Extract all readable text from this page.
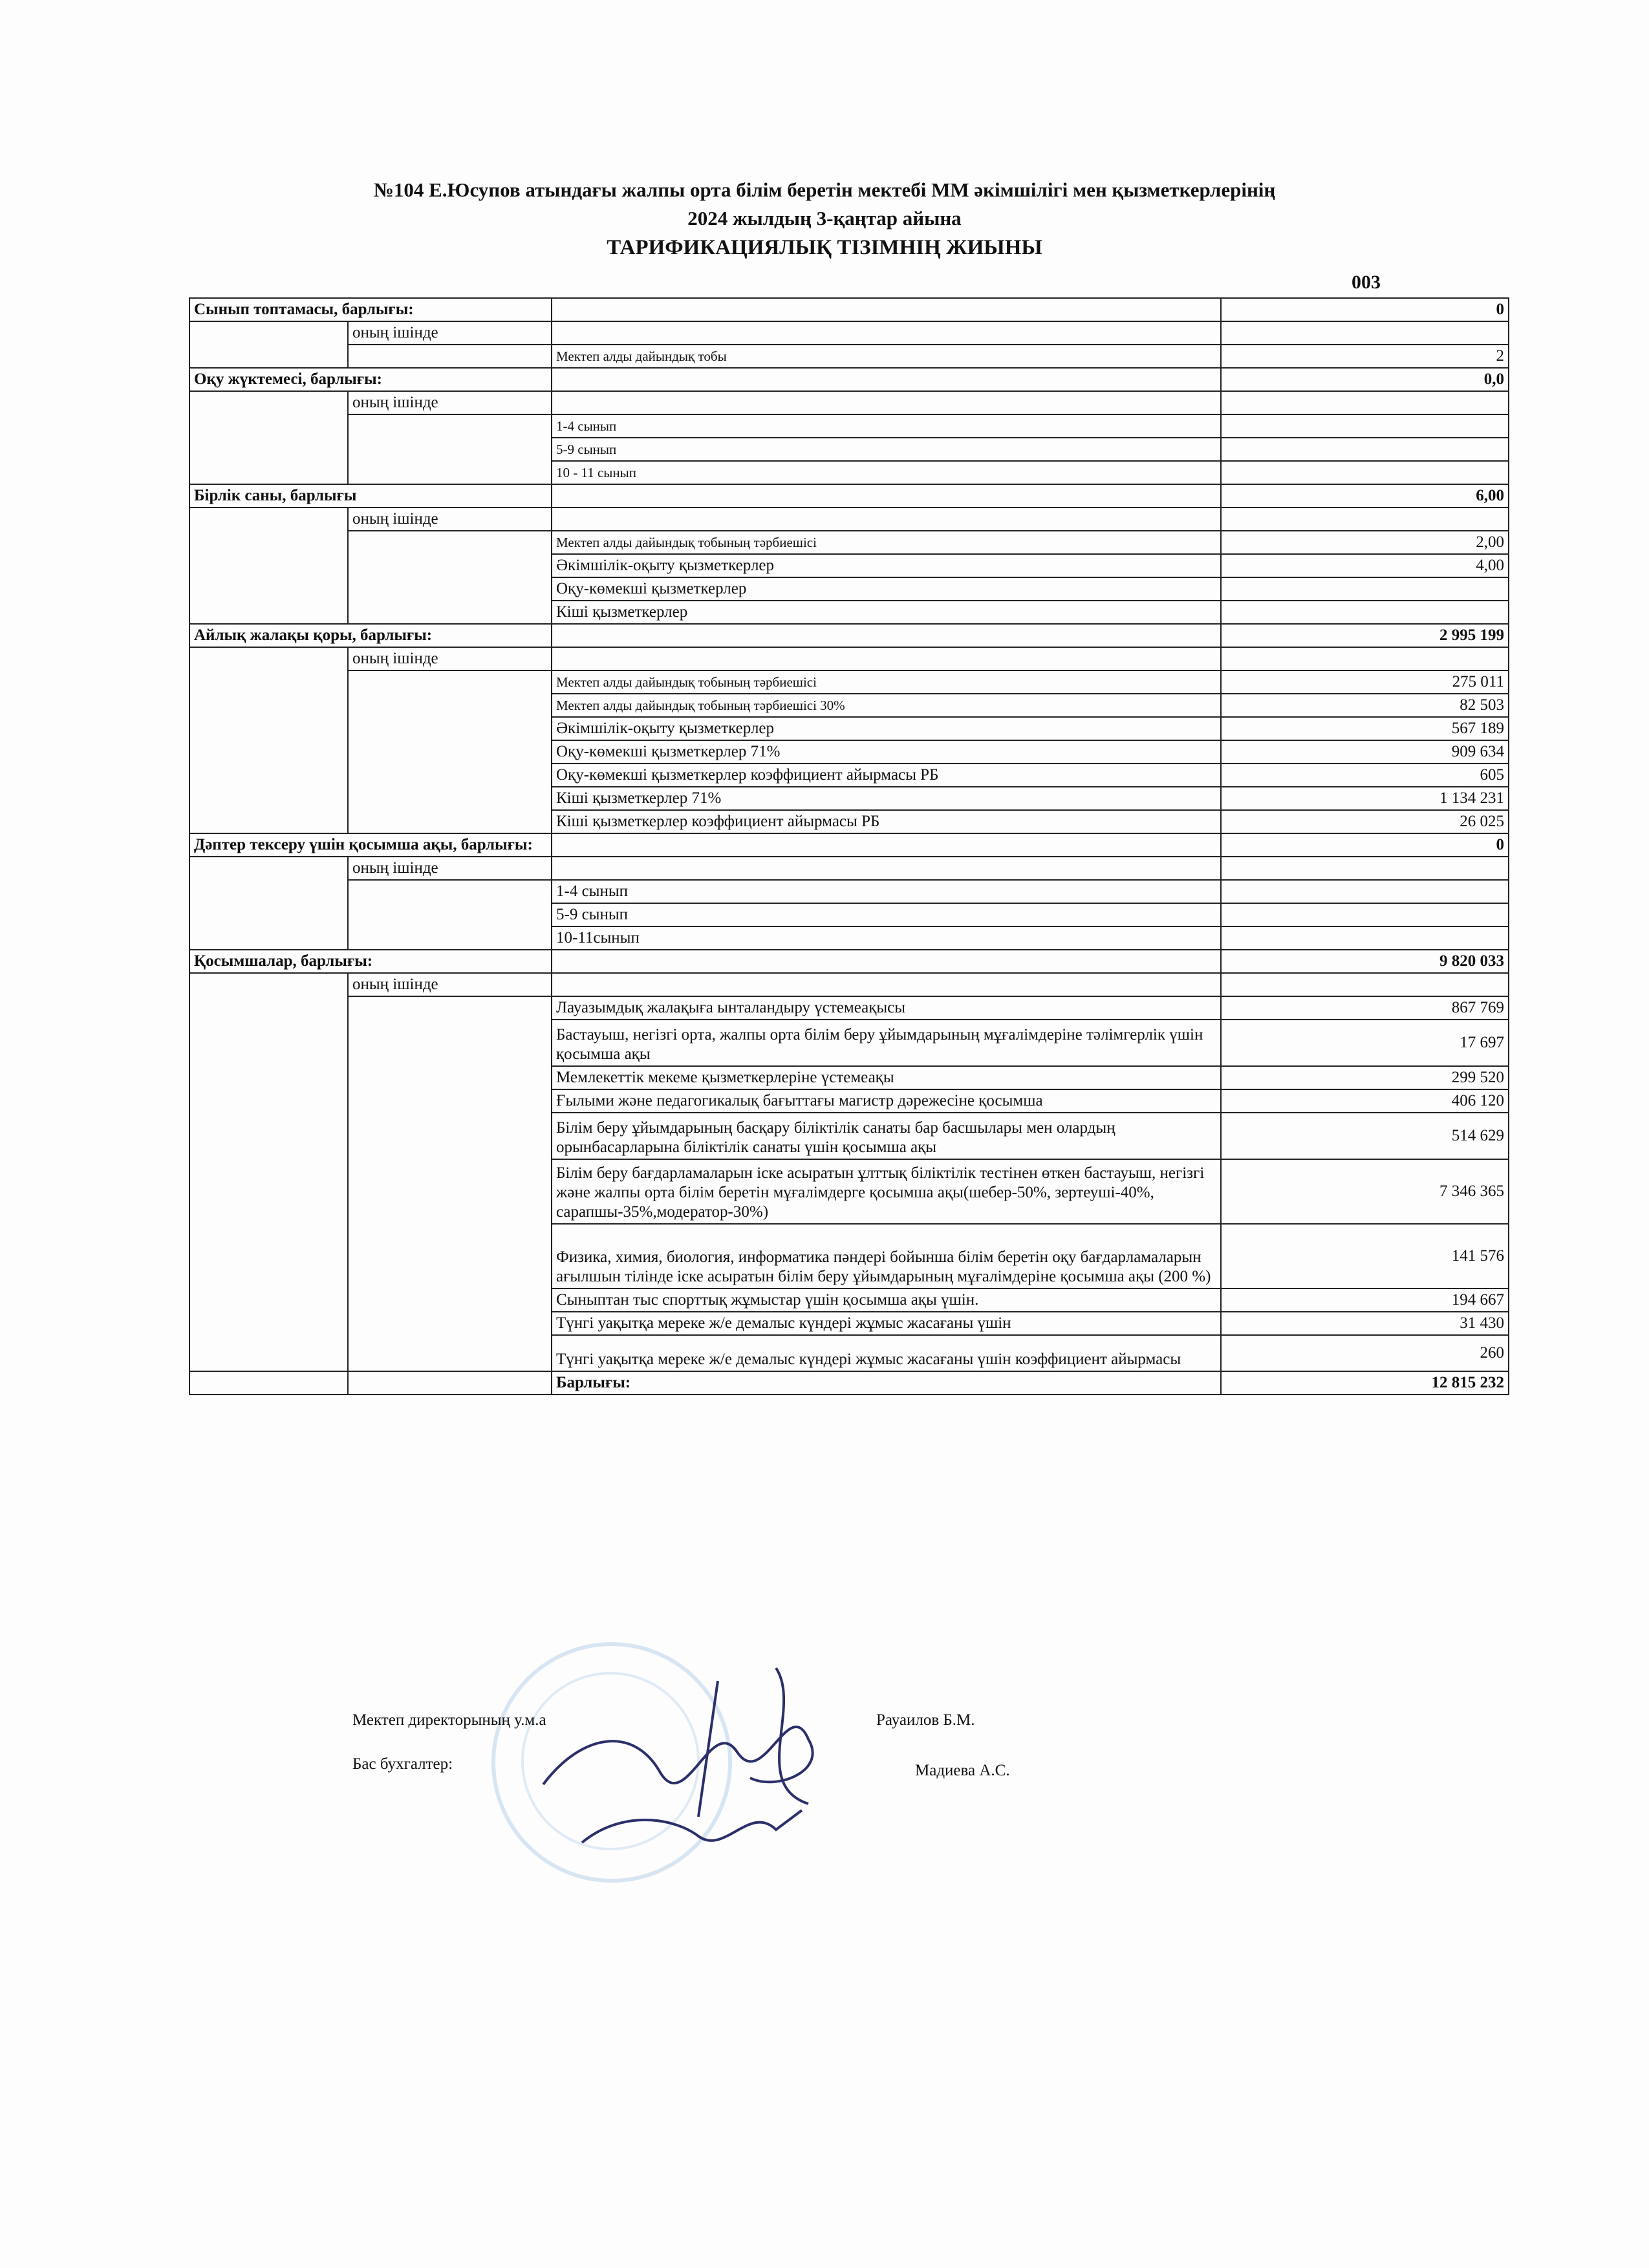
№104 Е.Юсупов атындағы жалпы орта білім беретін мектебі ММ әкімшілігі мен қызметкерлерінің
2024 жылдың 3-қаңтар айына
ТАРИФИКАЦИЯЛЫҚ ТІЗІМНІҢ ЖИЫНЫ
003
Сынып топтамасы, барлығы:			0
	оның ішінде		
		Мектеп алды дайындық тобы	2
Оқу жүктемесі, барлығы:			0,0
	оның ішінде		
		1-4 сынып	
		5-9 сынып	
		10 - 11 сынып	
Бірлік саны, барлығы			6,00
	оның ішінде		
		Мектеп алды дайындық тобының тәрбиешісі	2,00
		Әкімшілік-оқыту қызметкерлер	4,00
		Оқу-көмекші қызметкерлер	
		Кіші қызметкерлер	
Айлық жалақы қоры, барлығы:			2 995 199
	оның ішінде		
		Мектеп алды дайындық тобының тәрбиешісі	275 011
		Мектеп алды дайындық тобының тәрбиешісі 30%	82 503
		Әкімшілік-оқыту қызметкерлер	567 189
		Оқу-көмекші қызметкерлер 71%	909 634
		Оқу-көмекші қызметкерлер коэффициент айырмасы РБ	605
		Кіші қызметкерлер 71%	1 134 231
		Кіші қызметкерлер коэффициент айырмасы РБ	26 025
Дәптер тексеру үшін қосымша ақы, барлығы:			0
	оның ішінде		
		1-4 сынып	
		5-9 сынып	
		10-11сынып	
Қосымшалар, барлығы:			9 820 033
	оның ішінде		
		Лауазымдық жалақыға ынталандыру үстемеақысы	867 769
		Бастауыш, негізгі орта, жалпы орта білім беру ұйымдарының мұғалімдеріне тәлімгерлік үшін қосымша ақы	17 697
		Мемлекеттік мекеме қызметкерлеріне үстемеақы	299 520
		Ғылыми және педагогикалық бағыттағы магистр дәрежесіне қосымша	406 120
		Білім беру ұйымдарының басқару біліктілік санаты бар басшылары мен олардың орынбасарларына біліктілік санаты үшін қосымша ақы	514 629
		Білім беру бағдарламаларын іске асыратын ұлттық біліктілік тестінен өткен бастауыш, негізгі және жалпы орта білім беретін мұғалімдерге қосымша ақы(шебер-50%, зертеуші-40%, сарапшы-35%,модератор-30%)	7 346 365
		Физика, химия, биология, информатика пәндері бойынша білім беретін оқу бағдарламаларын ағылшын тілінде іске асыратын білім беру ұйымдарының мұғалімдеріне қосымша ақы (200 %)	141 576
		Сыныптан тыс спорттық жұмыстар үшін қосымша ақы үшін.	194 667
		Түнгі уақытқа мереке ж/е демалыс күндері жұмыс жасағаны үшін	31 430
		Түнгі уақытқа мереке ж/е демалыс күндері жұмыс жасағаны үшін коэффициент айырмасы	260
		Барлығы:	12 815 232
Мектеп директорының у.м.а	Рауаилов Б.М.
Бас бухгалтер:	Мадиева А.С.
